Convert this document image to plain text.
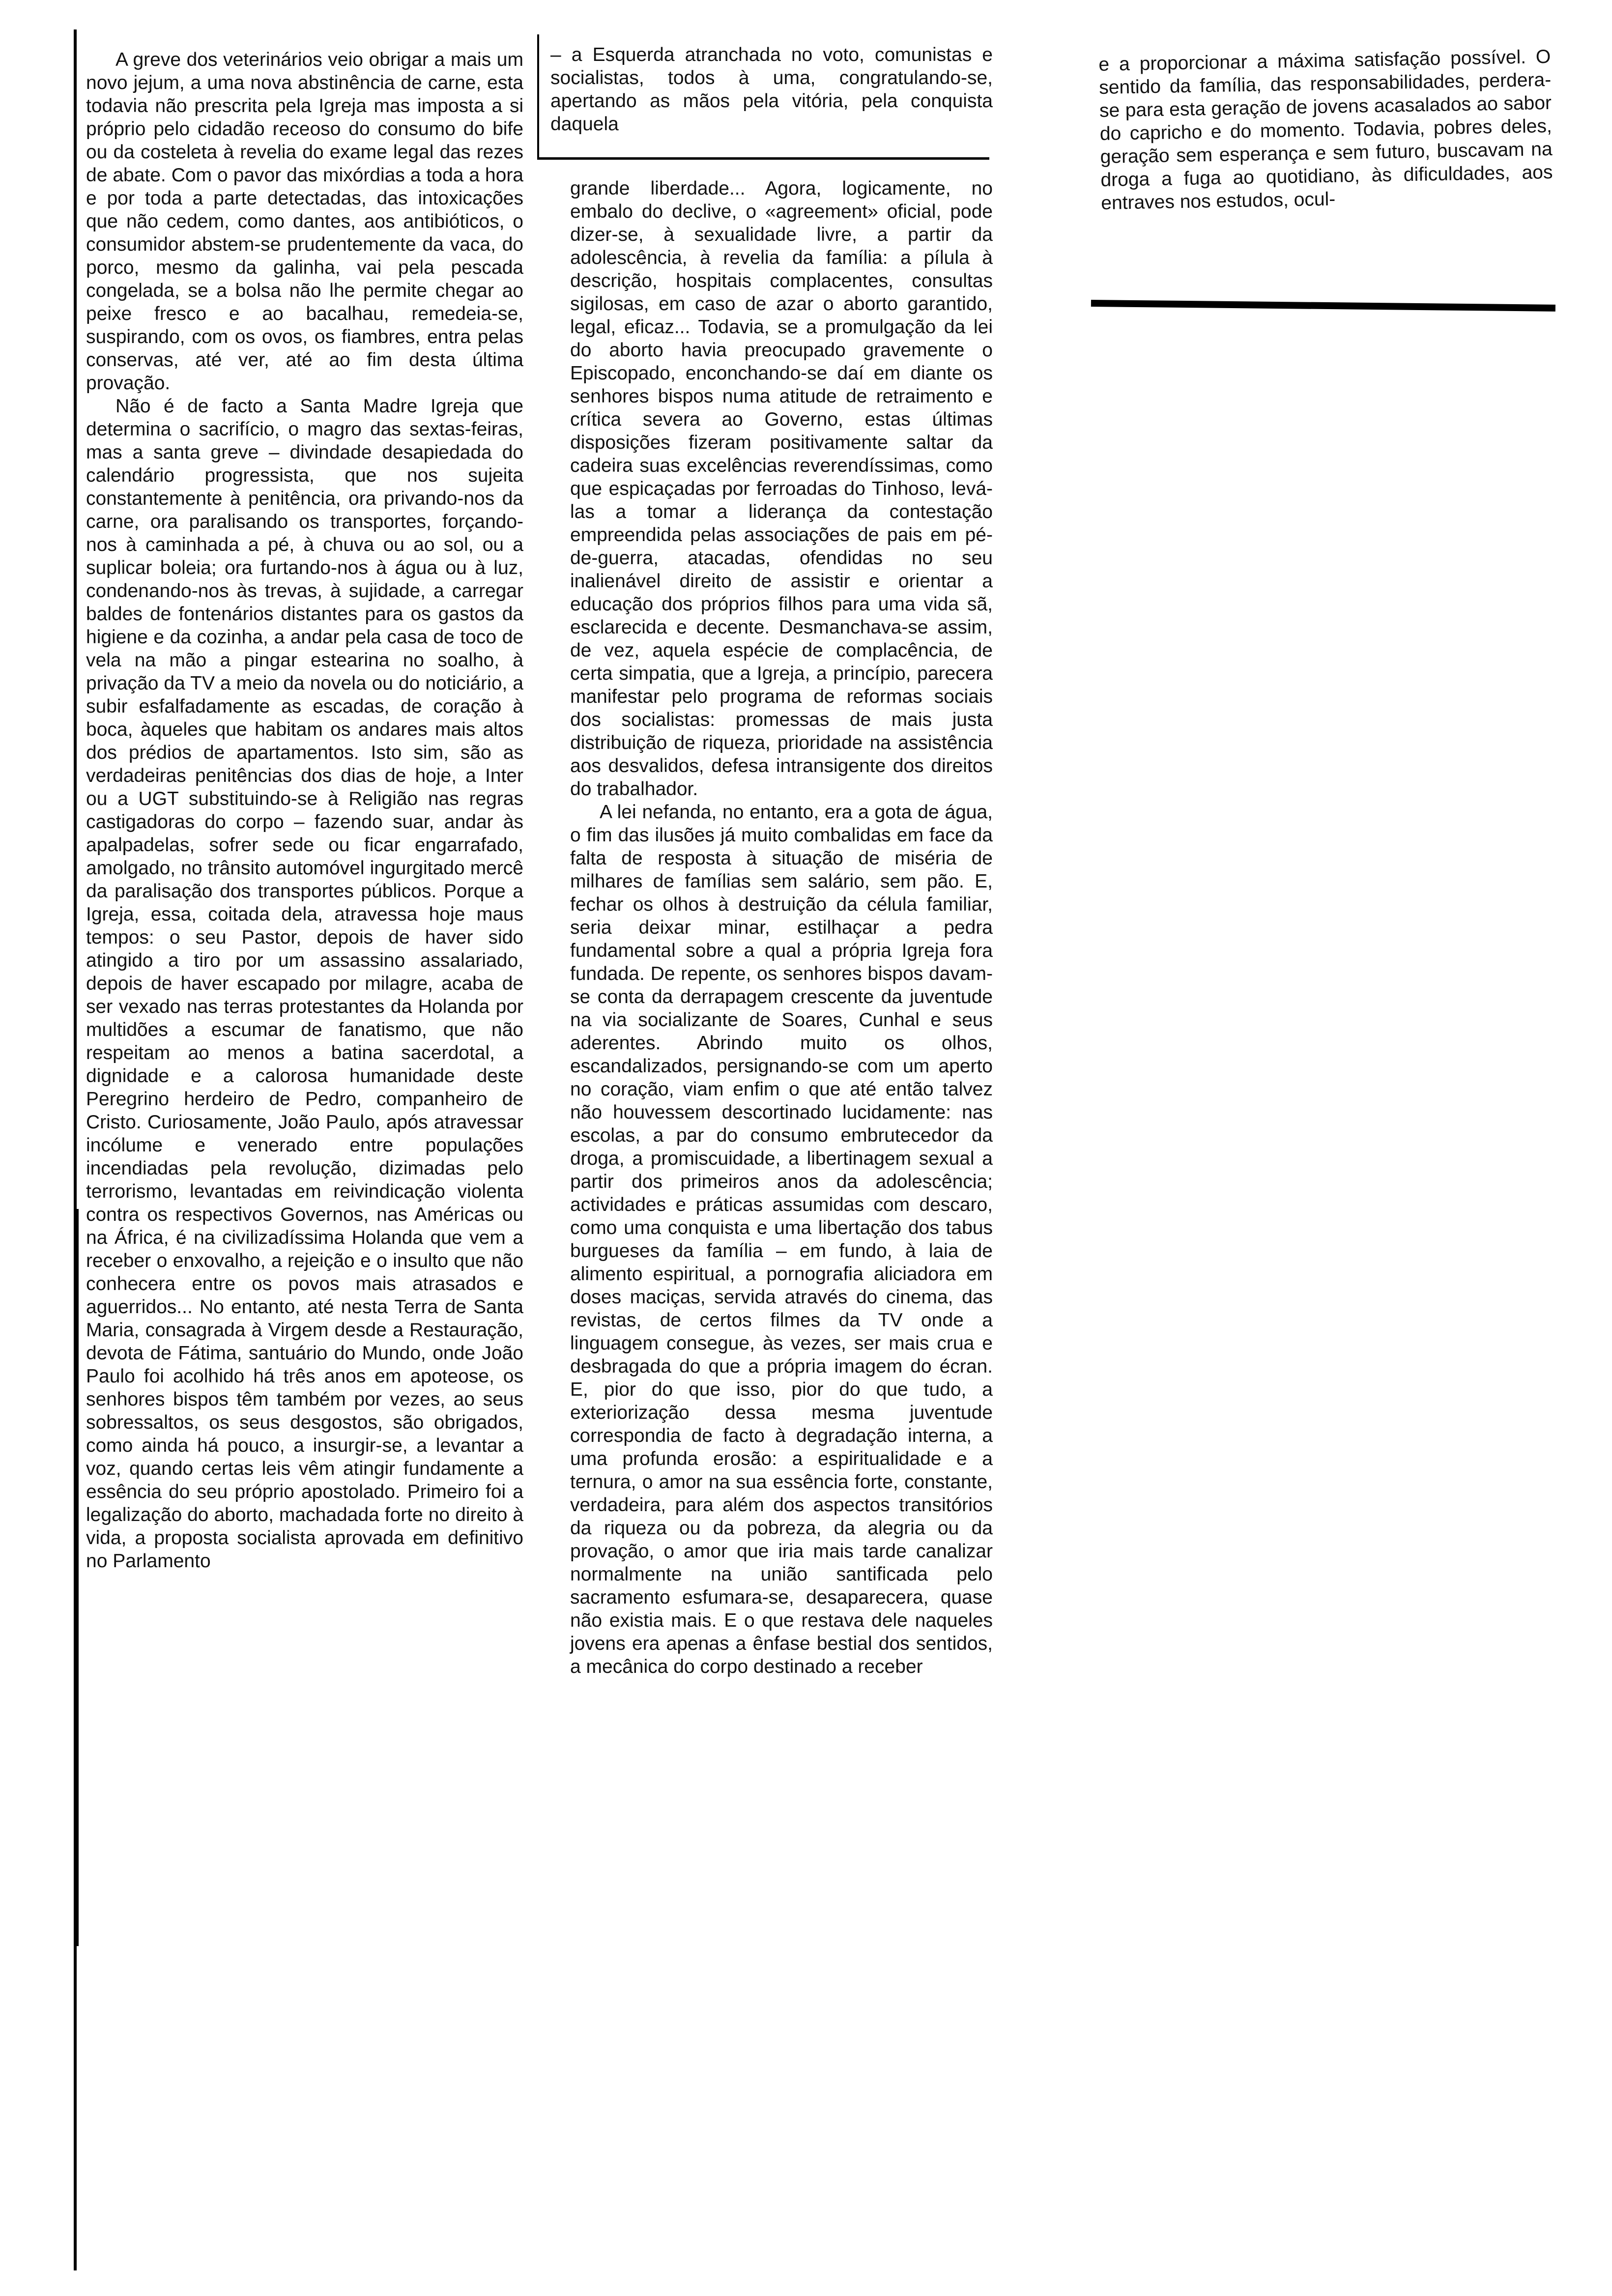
A greve dos veterinários veio obrigar a mais um novo jejum, a uma nova abstinência de carne, esta todavia não prescrita pela Igreja mas imposta a si próprio pelo cidadão receoso do consumo do bife ou da costeleta à revelia do exame legal das rezes de abate. Com o pavor das mixórdias a toda a hora e por toda a parte detectadas, das intoxicações que não cedem, como dantes, aos antibióticos, o consumidor abstem-se prudentemente da vaca, do porco, mesmo da galinha, vai pela pescada congelada, se a bolsa não lhe permite chegar ao peixe fresco e ao bacalhau, remedeia-se, suspirando, com os ovos, os fiambres, entra pelas conservas, até ver, até ao fim desta última provação.

Não é de facto a Santa Madre Igreja que determina o sacrifício, o magro das sextas-feiras, mas a santa greve – divindade desapiedada do calendário progressista, que nos sujeita constantemente à penitência, ora privando-nos da carne, ora paralisando os transportes, forçando-nos à caminhada a pé, à chuva ou ao sol, ou a suplicar boleia; ora furtando-nos à água ou à luz, condenando-nos às trevas, à sujidade, a carregar baldes de fontenários distantes para os gastos da higiene e da cozinha, a andar pela casa de toco de vela na mão a pingar estearina no soalho, à privação da TV a meio da novela ou do noticiário, a subir esfalfadamente as escadas, de coração à boca, àqueles que habitam os andares mais altos dos prédios de apartamentos. Isto sim, são as verdadeiras penitências dos dias de hoje, a Inter ou a UGT substituindo-se à Religião nas regras castigadoras do corpo – fazendo suar, andar às apalpadelas, sofrer sede ou ficar engarrafado, amolgado, no trânsito automóvel ingurgitado mercê da paralisação dos transportes públicos. Porque a Igreja, essa, coitada dela, atravessa hoje maus tempos: o seu Pastor, depois de haver sido atingido a tiro por um assassino assalariado, depois de haver escapado por milagre, acaba de ser vexado nas terras protestantes da Holanda por multidões a escumar de fanatismo, que não respeitam ao menos a batina sacerdotal, a dignidade e a calorosa humanidade deste Peregrino herdeiro de Pedro, companheiro de Cristo. Curiosamente, João Paulo, após atravessar incólume e venerado entre populações incendiadas pela revolução, dizimadas pelo terrorismo, levantadas em reivindicação violenta contra os respectivos Governos, nas Américas ou na África, é na civilizadíssima Holanda que vem a receber o enxovalho, a rejeição e o insulto que não conhecera entre os povos mais atrasados e aguerridos... No entanto, até nesta Terra de Santa Maria, consagrada à Virgem desde a Restauração, devota de Fátima, santuário do Mundo, onde João Paulo foi acolhido há três anos em apoteose, os senhores bispos têm também por vezes, ao seus sobressaltos, os seus desgostos, são obrigados, como ainda há pouco, a insurgir-se, a levantar a voz, quando certas leis vêm atingir fundamente a essência do seu próprio apostolado. Primeiro foi a legalização do aborto, machadada forte no direito à vida, a proposta socialista aprovada em definitivo no Parlamento

– a Esquerda atranchada no voto, comunistas e socialistas, todos à uma, congratulando-se, apertando as mãos pela vitória, pela conquista daquela

grande liberdade... Agora, logicamente, no embalo do declive, o «agreement» oficial, pode dizer-se, à sexualidade livre, a partir da adolescência, à revelia da família: a pílula à descrição, hospitais complacentes, consultas sigilosas, em caso de azar o aborto garantido, legal, eficaz... Todavia, se a promulgação da lei do aborto havia preocupado gravemente o Episcopado, enconchando-se daí em diante os senhores bispos numa atitude de retraimento e crítica severa ao Governo, estas últimas disposições fizeram positivamente saltar da cadeira suas excelências reverendíssimas, como que espicaçadas por ferroadas do Tinhoso, levá-las a tomar a liderança da contestação empreendida pelas associações de pais em pé-de-guerra, atacadas, ofendidas no seu inalienável direito de assistir e orientar a educação dos próprios filhos para uma vida sã, esclarecida e decente. Desmanchava-se assim, de vez, aquela espécie de complacência, de certa simpatia, que a Igreja, a princípio, parecera manifestar pelo programa de reformas sociais dos socialistas: promessas de mais justa distribuição de riqueza, prioridade na assistência aos desvalidos, defesa intransigente dos direitos do trabalhador.

A lei nefanda, no entanto, era a gota de água, o fim das ilusões já muito combalidas em face da falta de resposta à situação de miséria de milhares de famílias sem salário, sem pão. E, fechar os olhos à destruição da célula familiar, seria deixar minar, estilhaçar a pedra fundamental sobre a qual a própria Igreja fora fundada. De repente, os senhores bispos davam-se conta da derrapagem crescente da juventude na via socializante de Soares, Cunhal e seus aderentes. Abrindo muito os olhos, escandalizados, persignando-se com um aperto no coração, viam enfim o que até então talvez não houvessem descortinado lucidamente: nas escolas, a par do consumo embrutecedor da droga, a promiscuidade, a libertinagem sexual a partir dos primeiros anos da adolescência; actividades e práticas assumidas com descaro, como uma conquista e uma libertação dos tabus burgueses da família – em fundo, à laia de alimento espiritual, a pornografia aliciadora em doses maciças, servida através do cinema, das revistas, de certos filmes da TV onde a linguagem consegue, às vezes, ser mais crua e desbragada do que a própria imagem do écran. E, pior do que isso, pior do que tudo, a exteriorização dessa mesma juventude correspondia de facto à degradação interna, a uma profunda erosão: a espiritualidade e a ternura, o amor na sua essência forte, constante, verdadeira, para além dos aspectos transitórios da riqueza ou da pobreza, da alegria ou da provação, o amor que iria mais tarde canalizar normalmente na união santificada pelo sacramento esfumara-se, desaparecera, quase não existia mais. E o que restava dele naqueles jovens era apenas a ênfase bestial dos sentidos, a mecânica do corpo destinado a receber

e a proporcionar a máxima satisfação possível. O sentido da família, das responsabilidades, perdera-se para esta geração de jovens acasalados ao sabor do capricho e do momento. Todavia, pobres deles, geração sem esperança e sem futuro, buscavam na droga a fuga ao quotidiano, às dificuldades, aos entraves nos estudos, ocul-
